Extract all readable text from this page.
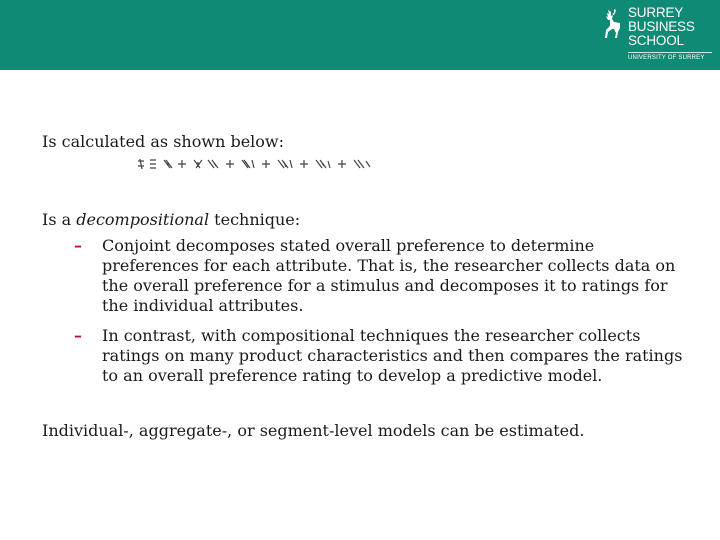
SURREY
BUSINESS
SCHOOL
UNIVERSITY OF SURREY

Is calculated as shown below:

Is a decompositional technique:

– Conjoint decomposes stated overall preference to determine preferences for each attribute. That is, the researcher collects data on the overall preference for a stimulus and decomposes it to ratings for the individual attributes.
– In contrast, with compositional techniques the researcher collects ratings on many product characteristics and then compares the ratings to an overall preference rating to develop a predictive model.

Individual-, aggregate-, or segment-level models can be estimated.
